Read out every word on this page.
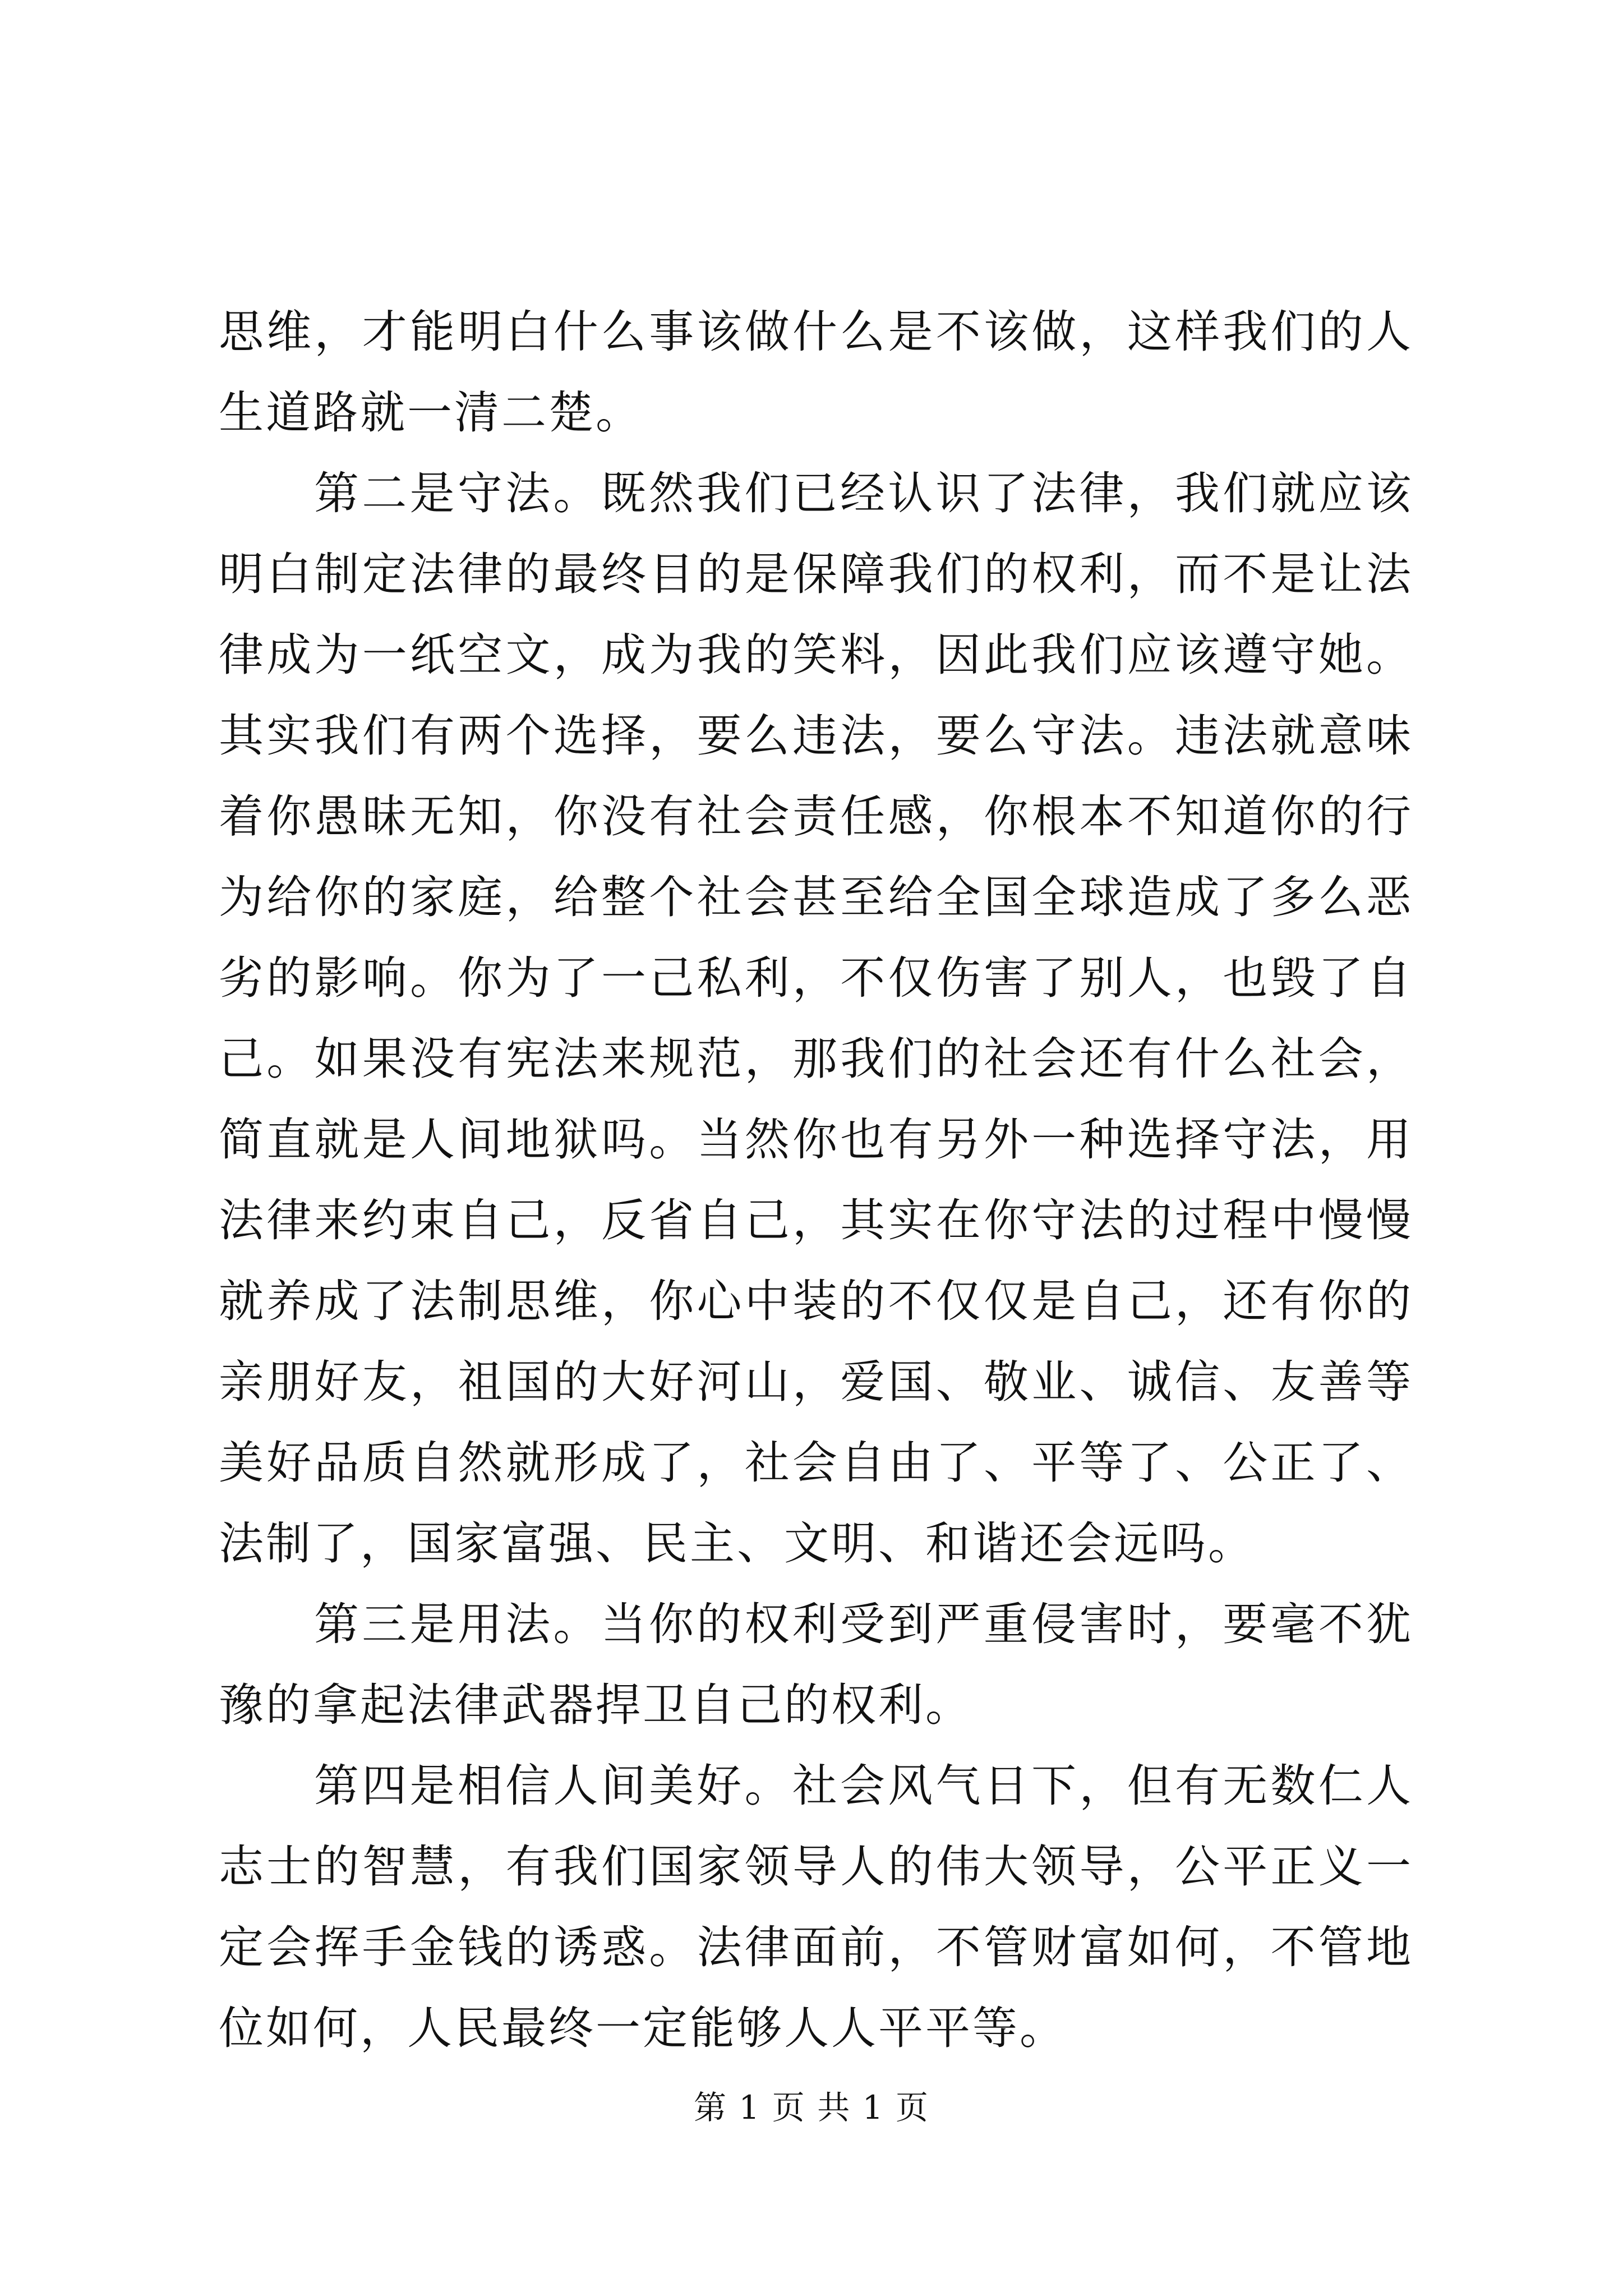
思维，才能明白什么事该做什么是不该做，这样我们的人生道路就一清二楚。

第二是守法。既然我们已经认识了法律，我们就应该明白制定法律的最终目的是保障我们的权利，而不是让法律成为一纸空文，成为我的笑料，因此我们应该遵守她。其实我们有两个选择，要么违法，要么守法。违法就意味着你愚昧无知，你没有社会责任感，你根本不知道你的行为给你的家庭，给整个社会甚至给全国全球造成了多么恶劣的影响。你为了一己私利，不仅伤害了别人，也毁了自己。如果没有宪法来规范，那我们的社会还有什么社会，简直就是人间地狱吗。当然你也有另外一种选择守法，用法律来约束自己，反省自己，其实在你守法的过程中慢慢就养成了法制思维，你心中装的不仅仅是自己，还有你的亲朋好友，祖国的大好河山，爱国、敬业、诚信、友善等美好品质自然就形成了，社会自由了、平等了、公正了、法制了，国家富强、民主、文明、和谐还会远吗。

第三是用法。当你的权利受到严重侵害时，要毫不犹豫的拿起法律武器捍卫自己的权利。

第四是相信人间美好。社会风气日下，但有无数仁人志士的智慧，有我们国家领导人的伟大领导，公平正义一定会挥手金钱的诱惑。法律面前，不管财富如何，不管地位如何，人民最终一定能够人人平平等。

第 1 页 共 1 页
